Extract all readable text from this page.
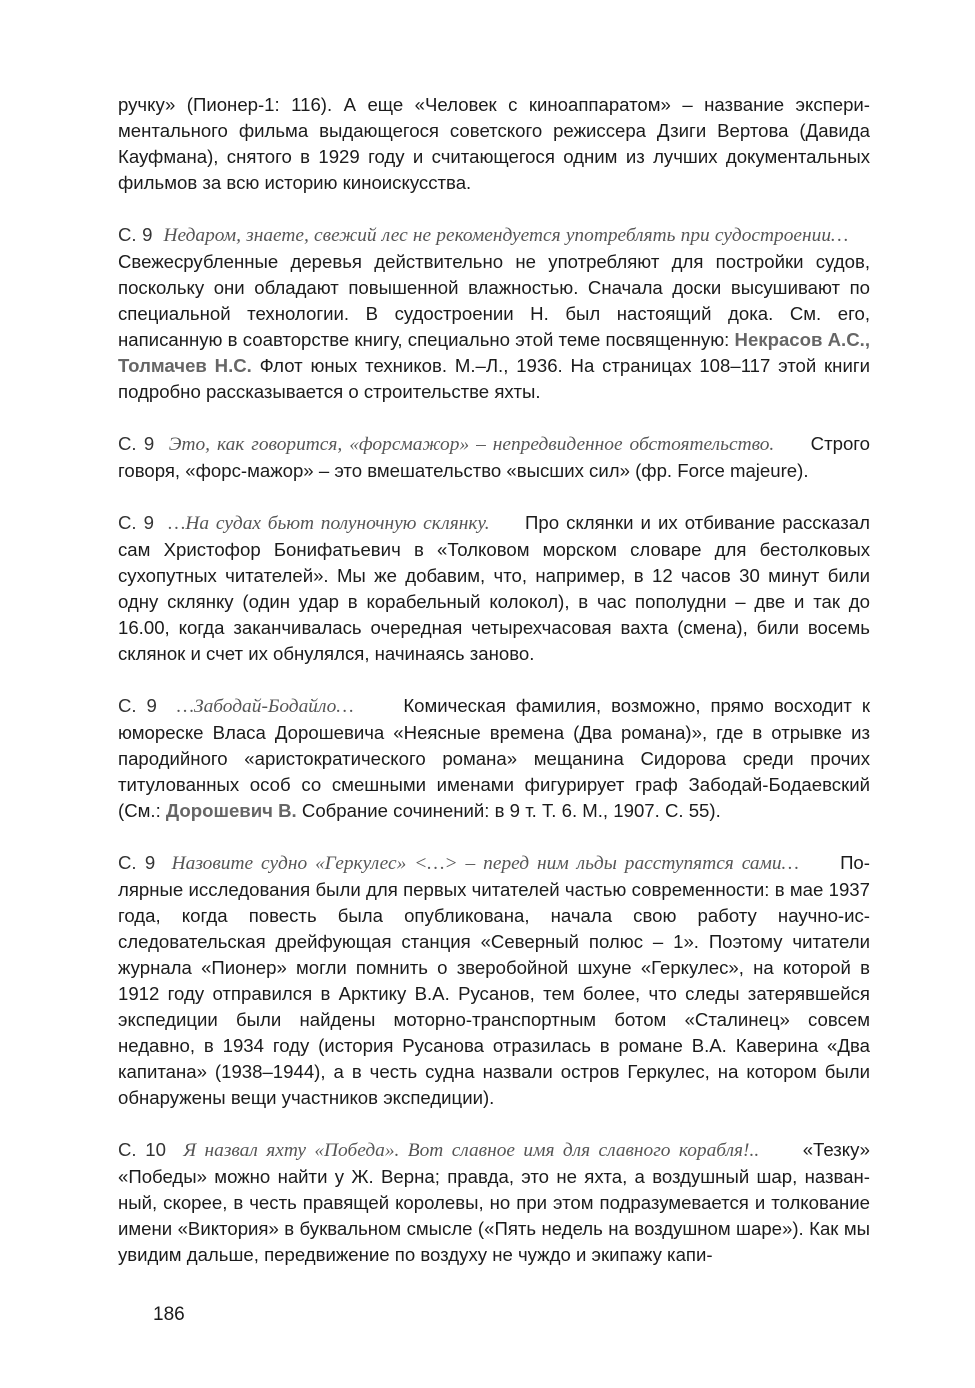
ручку» (Пионер-1: 116). А еще «Человек с киноаппаратом» – название экспериментального фильма выдающегося советского режиссера Дзиги Вертова (Давида Кауфмана), снятого в 1929 году и считающегося одним из лучших документальных фильмов за всю историю киноискусства.

С. 9 Недаром, знаете, свежий лес не рекомендуется употреблять при судостроении…     Свежесрубленные деревья действительно не употребляют для постройки судов, поскольку они обладают повышенной влажностью. Сначала доски высушивают по специальной технологии. В судостроении Н. был настоящий дока. См. его, написанную в соавторстве книгу, специально этой теме посвященную: Некрасов А.С., Толмачев Н.С. Флот юных техников. М.–Л., 1936. На страницах 108–117 этой книги подробно рассказывается о строительстве яхты.

С. 9 Это, как говорится, «форсмажор» – непредвиденное обстоятельство. Строго говоря, «форс-мажор» – это вмешательство «высших сил» (фр. Force majeure).

С. 9 …На судах бьют полуночную склянку. Про склянки и их отбивание рассказал сам Христофор Бонифатьевич в «Толковом морском словаре для бестолковых сухопутных читателей». Мы же добавим, что, например, в 12 часов 30 минут били одну склянку (один удар в корабельный колокол), в час пополудни – две и так до 16.00, когда заканчивалась очередная четырехчасовая вахта (смена), били восемь склянок и счет их обнулялся, начинаясь заново.

С. 9 …Забодай-Бодайло…	Комическая фамилия, возможно, прямо восходит к юмореске Власа Дорошевича «Неясные времена (Два романа)», где в отрывке из пародийного «аристократического романа» мещанина Сидорова среди прочих титулованных особ со смешными именами фигурирует граф Забодай-Бодаевский (См.: Дорошевич В. Собрание сочинений: в 9 т. Т. 6. М., 1907. С. 55).

С. 9 Назовите судно «Геркулес» <…> – перед ним льды расступятся сами… Полярные исследования были для первых читателей частью современности: в мае 1937 года, когда повесть была опубликована, начала свою работу научно-исследовательская дрейфующая станция «Северный полюс – 1». Поэтому читатели журнала «Пионер» могли помнить о зверобойной шхуне «Геркулес», на которой в 1912 году отправился в Арктику В.А. Русанов, тем более, что следы затерявшейся экспедиции были найдены моторно-транспортным ботом «Сталинец» совсем недавно, в 1934 году (история Русанова отразилась в романе В.А. Каверина «Два капитана» (1938–1944), а в честь судна назвали остров Геркулес, на котором были обнаружены вещи участников экспедиции).

С. 10 Я назвал яхту «Победа». Вот славное имя для славного корабля!.. «Тезку» «Победы» можно найти у Ж. Верна; правда, это не яхта, а воздушный шар, названный, скорее, в честь правящей королевы, но при этом подразумевается и толкование имени «Виктория» в буквальном смысле («Пять недель на воздушном шаре»). Как мы увидим дальше, передвижение по воздуху не чуждо и экипажу капи-

186
